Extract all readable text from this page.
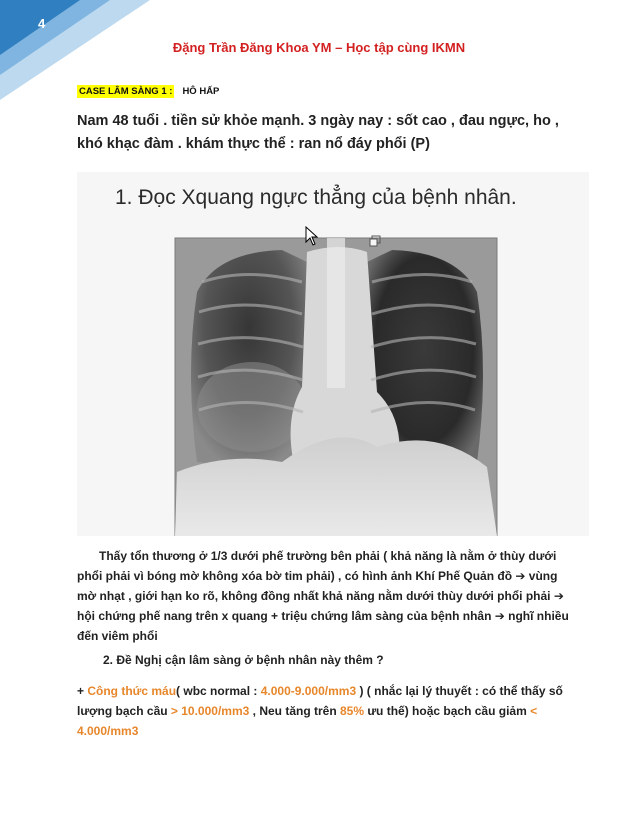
4
Đặng Trần Đăng Khoa YM – Học tập cùng IKMN
CASE LÂM SÀNG 1 : HÔ HẤP
Nam 48 tuổi . tiền sử khỏe mạnh. 3 ngày nay : sốt cao , đau ngực, ho , khó khạc đàm . khám thực thể : ran nổ đáy phổi (P)
1. Đọc Xquang ngực thẳng của bệnh nhân.
Thấy tổn thương ở 1/3 dưới phế trường bên phải ( khả năng là nằm ở thùy dưới phổi phải vì bóng mờ không xóa bờ tim phải) , có hình ảnh Khí Phế Quản đồ ➔ vùng mờ nhạt , giới hạn ko rõ, không đồng nhất khả năng nằm dưới thùy dưới phổi phải ➔ hội chứng phế nang trên x quang + triệu chứng lâm sàng của bệnh nhân ➔ nghĩ nhiều đến viêm phổi
2. Đề Nghị cận lâm sàng ở bệnh nhân này thêm ?
+ Công thức máu( wbc normal : 4.000-9.000/mm3 ) ( nhắc lại lý thuyết : có thể thấy số lượng bạch cầu > 10.000/mm3 , Neu tăng trên 85% ưu thế) hoặc bạch cầu giảm < 4.000/mm3
